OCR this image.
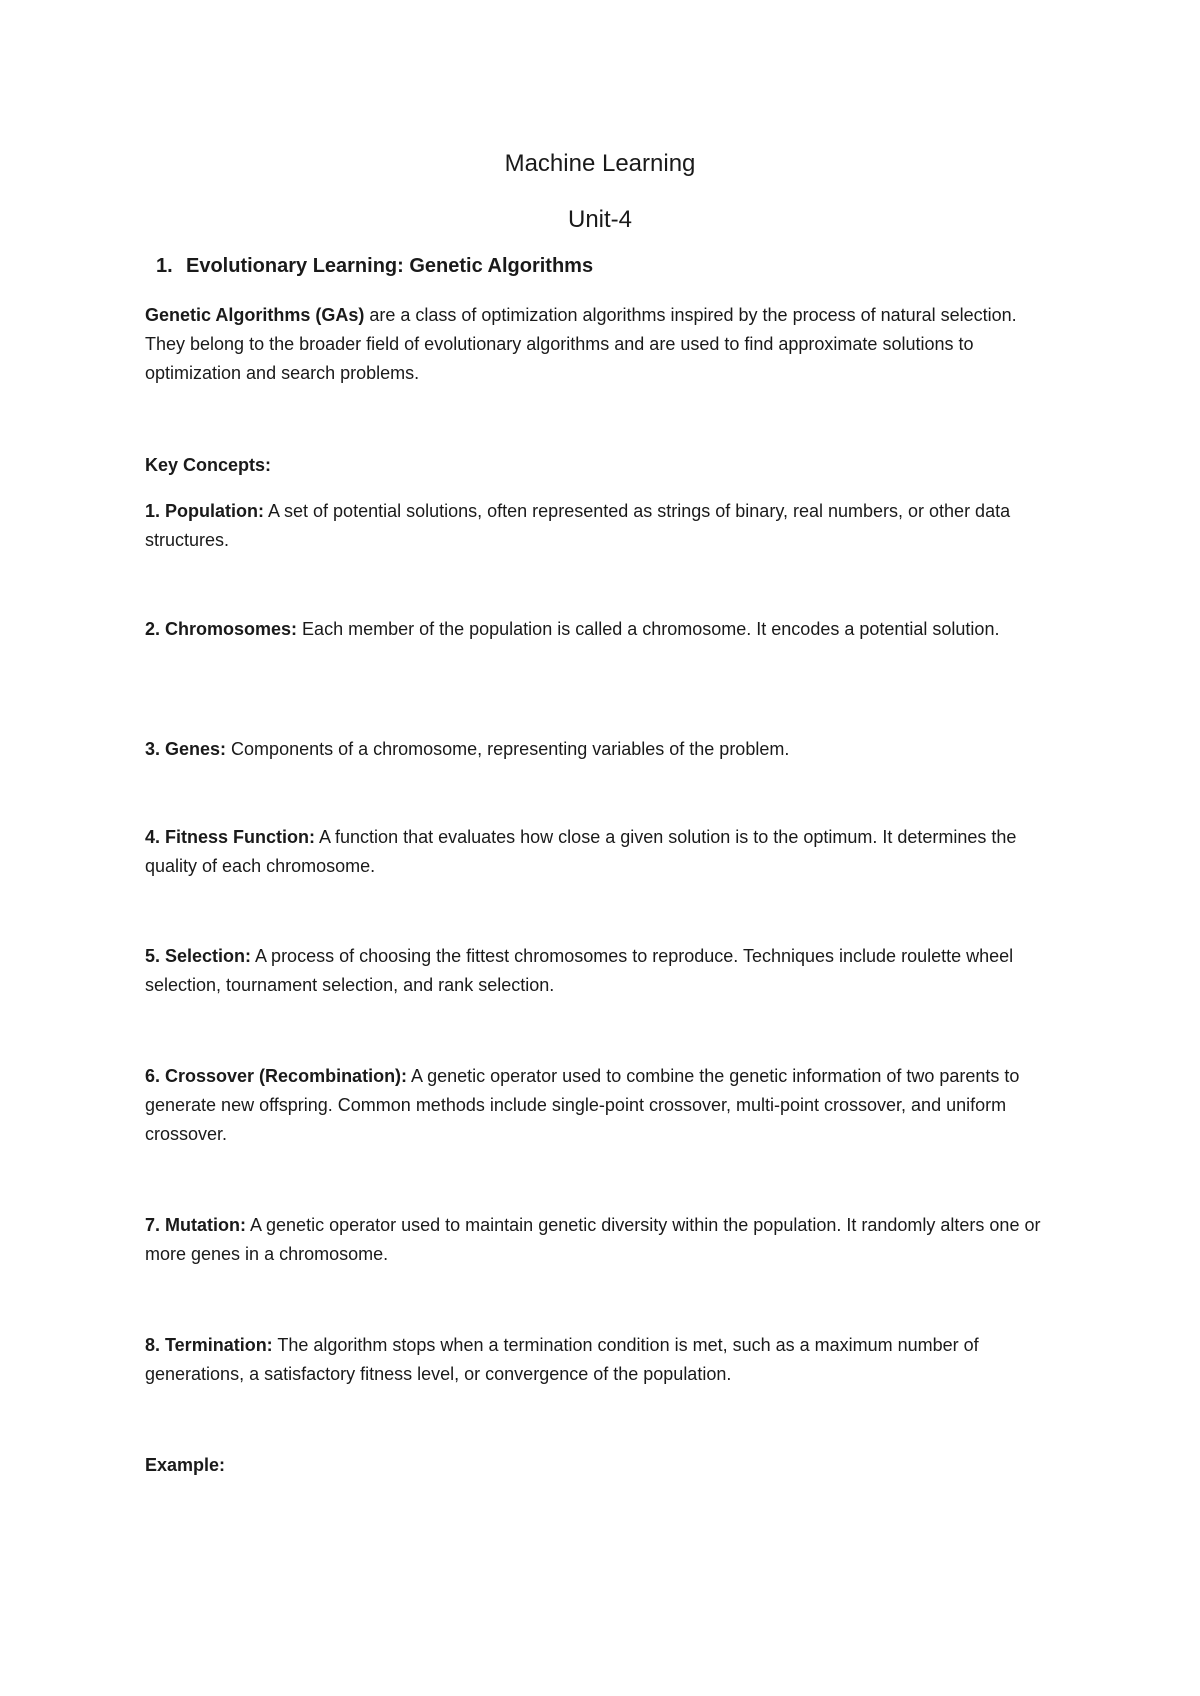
Machine Learning
Unit-4
1. Evolutionary Learning: Genetic Algorithms

Genetic Algorithms (GAs) are a class of optimization algorithms inspired by the process of natural selection. They belong to the broader field of evolutionary algorithms and are used to find approximate solutions to optimization and search problems.

Key Concepts:

1. Population: A set of potential solutions, often represented as strings of binary, real numbers, or other data structures.

2. Chromosomes: Each member of the population is called a chromosome. It encodes a potential solution.

3. Genes: Components of a chromosome, representing variables of the problem.

4. Fitness Function: A function that evaluates how close a given solution is to the optimum. It determines the quality of each chromosome.

5. Selection: A process of choosing the fittest chromosomes to reproduce. Techniques include roulette wheel selection, tournament selection, and rank selection.

6. Crossover (Recombination): A genetic operator used to combine the genetic information of two parents to generate new offspring. Common methods include single-point crossover, multi-point crossover, and uniform crossover.

7. Mutation: A genetic operator used to maintain genetic diversity within the population. It randomly alters one or more genes in a chromosome.

8. Termination: The algorithm stops when a termination condition is met, such as a maximum number of generations, a satisfactory fitness level, or convergence of the population.

Example:
